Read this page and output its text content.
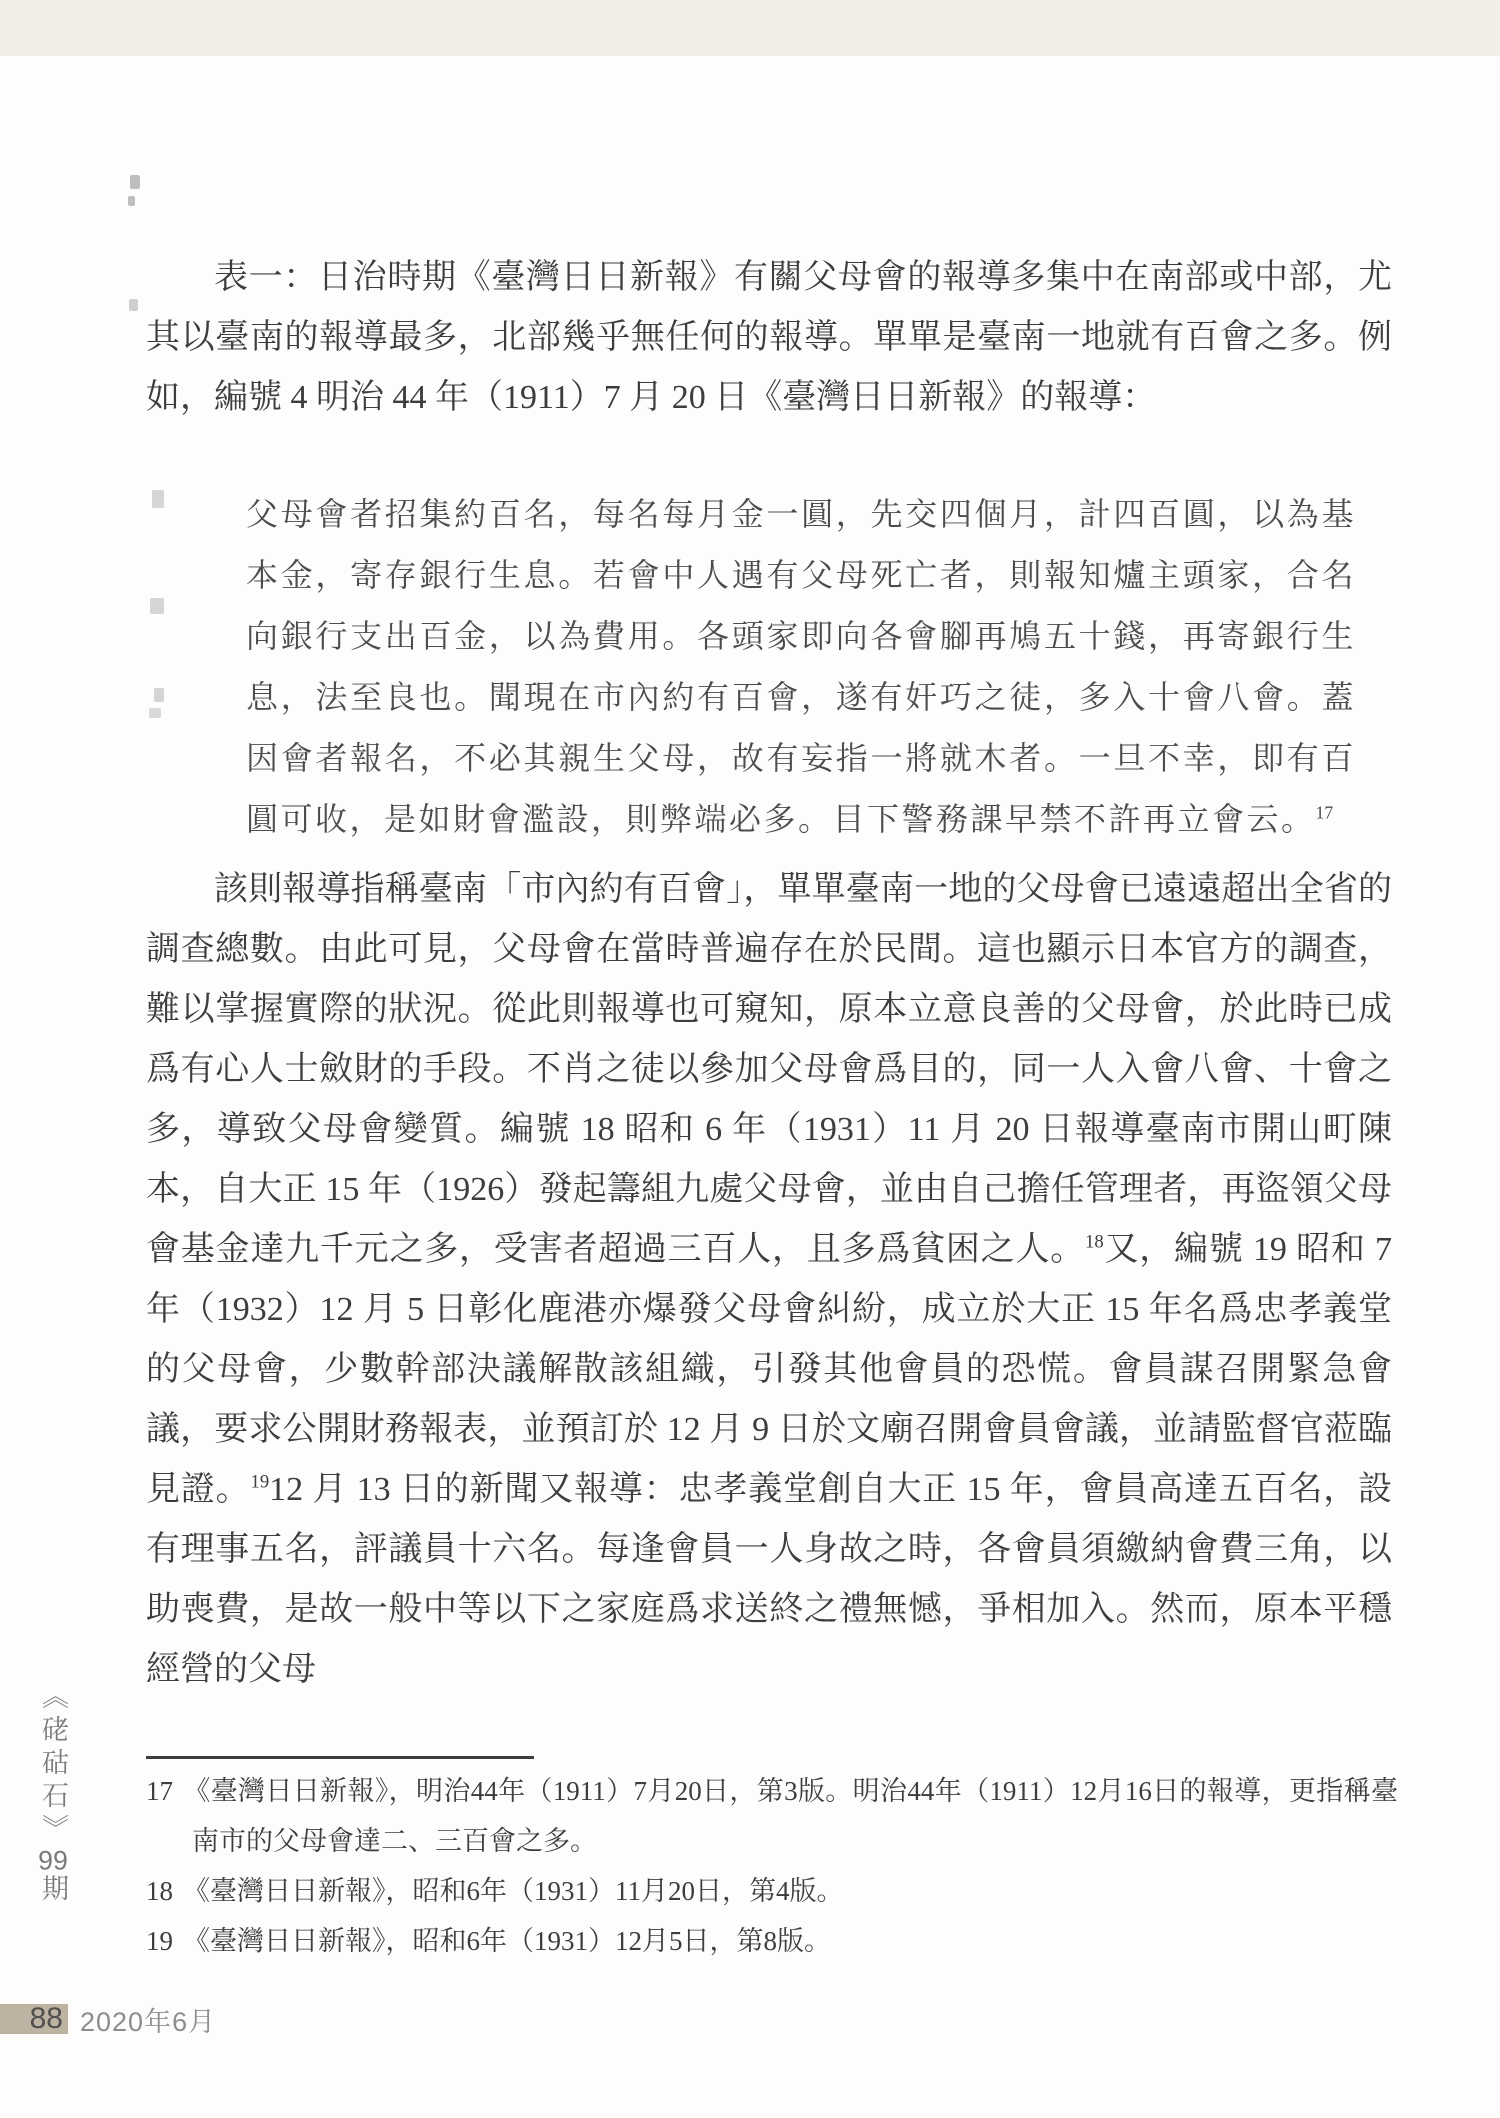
表一：日治時期《臺灣日日新報》有關父母會的報導多集中在南部或中部，尤其以臺南的報導最多，北部幾乎無任何的報導。單單是臺南一地就有百會之多。例如，編號 4 明治 44 年（1911）7 月 20 日《臺灣日日新報》的報導：

父母會者招集約百名，每名每月金一圓，先交四個月，計四百圓，以為基本金，寄存銀行生息。若會中人遇有父母死亡者，則報知爐主頭家，合名向銀行支出百金，以為費用。各頭家即向各會腳再鳩五十錢，再寄銀行生息，法至良也。聞現在市內約有百會，遂有奸巧之徒，多入十會八會。蓋因會者報名，不必其親生父母，故有妄指一將就木者。一旦不幸，即有百圓可收，是如財會濫設，則弊端必多。目下警務課早禁不許再立會云。$^{17}$

該則報導指稱臺南「市內約有百會」，單單臺南一地的父母會已遠遠超出全省的調查總數。由此可見，父母會在當時普遍存在於民間。這也顯示日本官方的調查，難以掌握實際的狀況。從此則報導也可窺知，原本立意良善的父母會，於此時已成爲有心人士斂財的手段。不肖之徒以參加父母會爲目的，同一人入會八會、十會之多，導致父母會變質。編號 18 昭和 6 年（1931）11 月 20 日報導臺南市開山町陳本，自大正 15 年（1926）發起籌組九處父母會，並由自己擔任管理者，再盜領父母會基金達九千元之多，受害者超過三百人，且多爲貧困之人。$^{18}$又，編號 19 昭和 7 年（1932）12 月 5 日彰化鹿港亦爆發父母會糾紛，成立於大正 15 年名爲忠孝義堂的父母會，少數幹部決議解散該組織，引發其他會員的恐慌。會員謀召開緊急會議，要求公開財務報表，並預訂於 12 月 9 日於文廟召開會員會議，並請監督官蒞臨見證。$^{19}$12 月 13 日的新聞又報導：忠孝義堂創自大正 15 年，會員高達五百名，設有理事五名，評議員十六名。每逢會員一人身故之時，各會員須繳納會費三角，以助喪費，是故一般中等以下之家庭爲求送終之禮無憾，爭相加入。然而，原本平穩經營的父母

17 《臺灣日日新報》，明治44年（1911）7月20日，第3版。明治44年（1911）12月16日的報導，更指稱臺南市的父母會達二、三百會之多。

18 《臺灣日日新報》，昭和6年（1931）11月20日，第4版。

19 《臺灣日日新報》，昭和6年（1931）12月5日，第8版。

《硓𥑮石》99期
88 2020年6月
